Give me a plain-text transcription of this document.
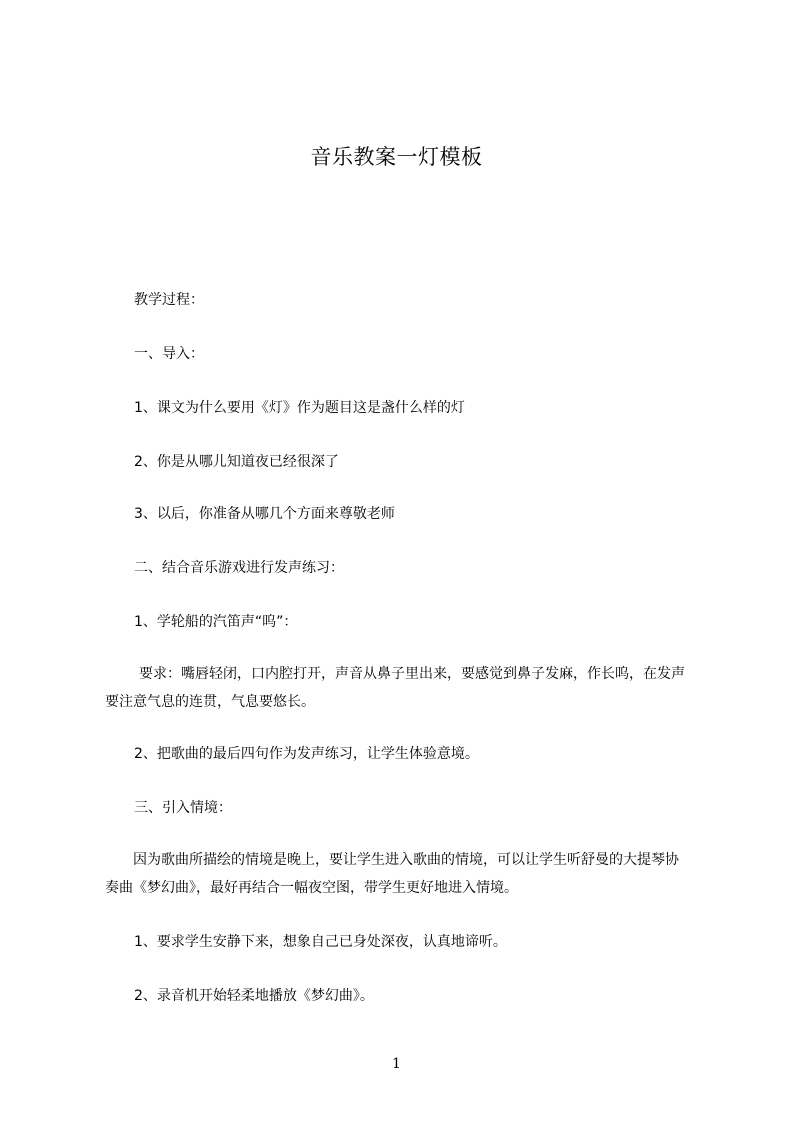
音乐教案一灯模板

教学过程：

一、导入：

1、课文为什么要用《灯》作为题目这是盏什么样的灯

2、你是从哪儿知道夜已经很深了

3、以后，你准备从哪几个方面来尊敬老师

二、结合音乐游戏进行发声练习：

1、学轮船的汽笛声“呜”：

要求：嘴唇轻闭，口内腔打开，声音从鼻子里出来，要感觉到鼻子发麻，作长呜，在发声要注意气息的连贯，气息要悠长。

2、把歌曲的最后四句作为发声练习，让学生体验意境。

三、引入情境：

因为歌曲所描绘的情境是晚上，要让学生进入歌曲的情境，可以让学生听舒曼的大提琴协奏曲《梦幻曲》，最好再结合一幅夜空图，带学生更好地进入情境。

1、要求学生安静下来，想象自己已身处深夜，认真地谛听。

2、录音机开始轻柔地播放《梦幻曲》。

1
